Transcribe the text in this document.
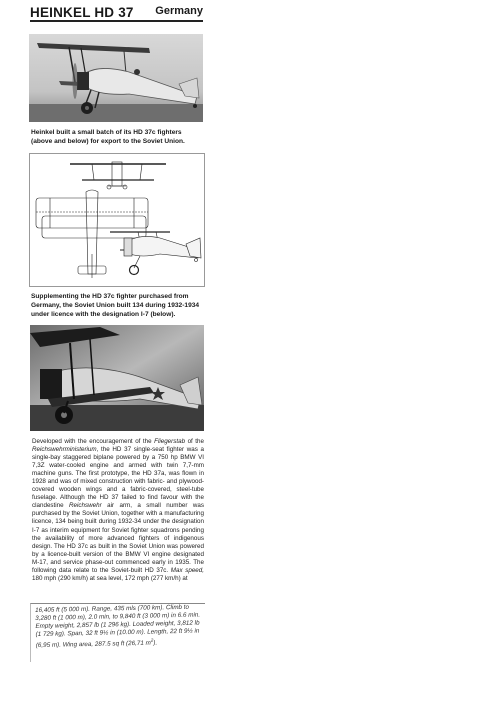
HEINKEL HD 37 Germany
Heinkel built a small batch of its HD 37c fighters (above and below) for export to the Soviet Union.
Supplementing the HD 37c fighter purchased from Germany, the Soviet Union built 134 during 1932-1934 under licence with the designation I-7 (below).
Developed with the encouragement of the Fliegerstab of the Reichswehrministerium, the HD 37 single-seat fighter was a single-bay staggered biplane powered by a 750 hp BMW VI 7,3Z water-cooled engine and armed with twin 7,7-mm machine guns. The first prototype, the HD 37a, was flown in 1928 and was of mixed construction with fabric- and plywood-covered wooden wings and a fabric-covered, steel-tube fuselage. Although the HD 37 failed to find favour with the clandestine Reichswehr air arm, a small number was purchased by the Soviet Union, together with a manufacturing licence, 134 being built during 1932-34 under the designation I-7 as interim equipment for Soviet fighter squadrons pending the availability of more advanced fighters of indigenous design. The HD 37c as built in the Soviet Union was powered by a licence-built version of the BMW VI engine designated M-17, and service phase-out commenced early in 1935. The following data relate to the Soviet-built HD 37c. Max speed, 180 mph (290 km/h) at sea level, 172 mph (277 km/h) at
16,405 ft (5 000 m). Range, 435 mls (700 km). Climb to 3,280 ft (1 000 m), 2.0 min, to 9,840 ft (3 000 m) in 6.6 min. Empty weight, 2,857 lb (1 296 kg). Loaded weight, 3,812 lb (1 729 kg). Span, 32 ft 9½ in (10.00 m). Length, 22 ft 9½ in (6,95 m). Wing area, 287.5 sq ft (26,71 $m^2$).
